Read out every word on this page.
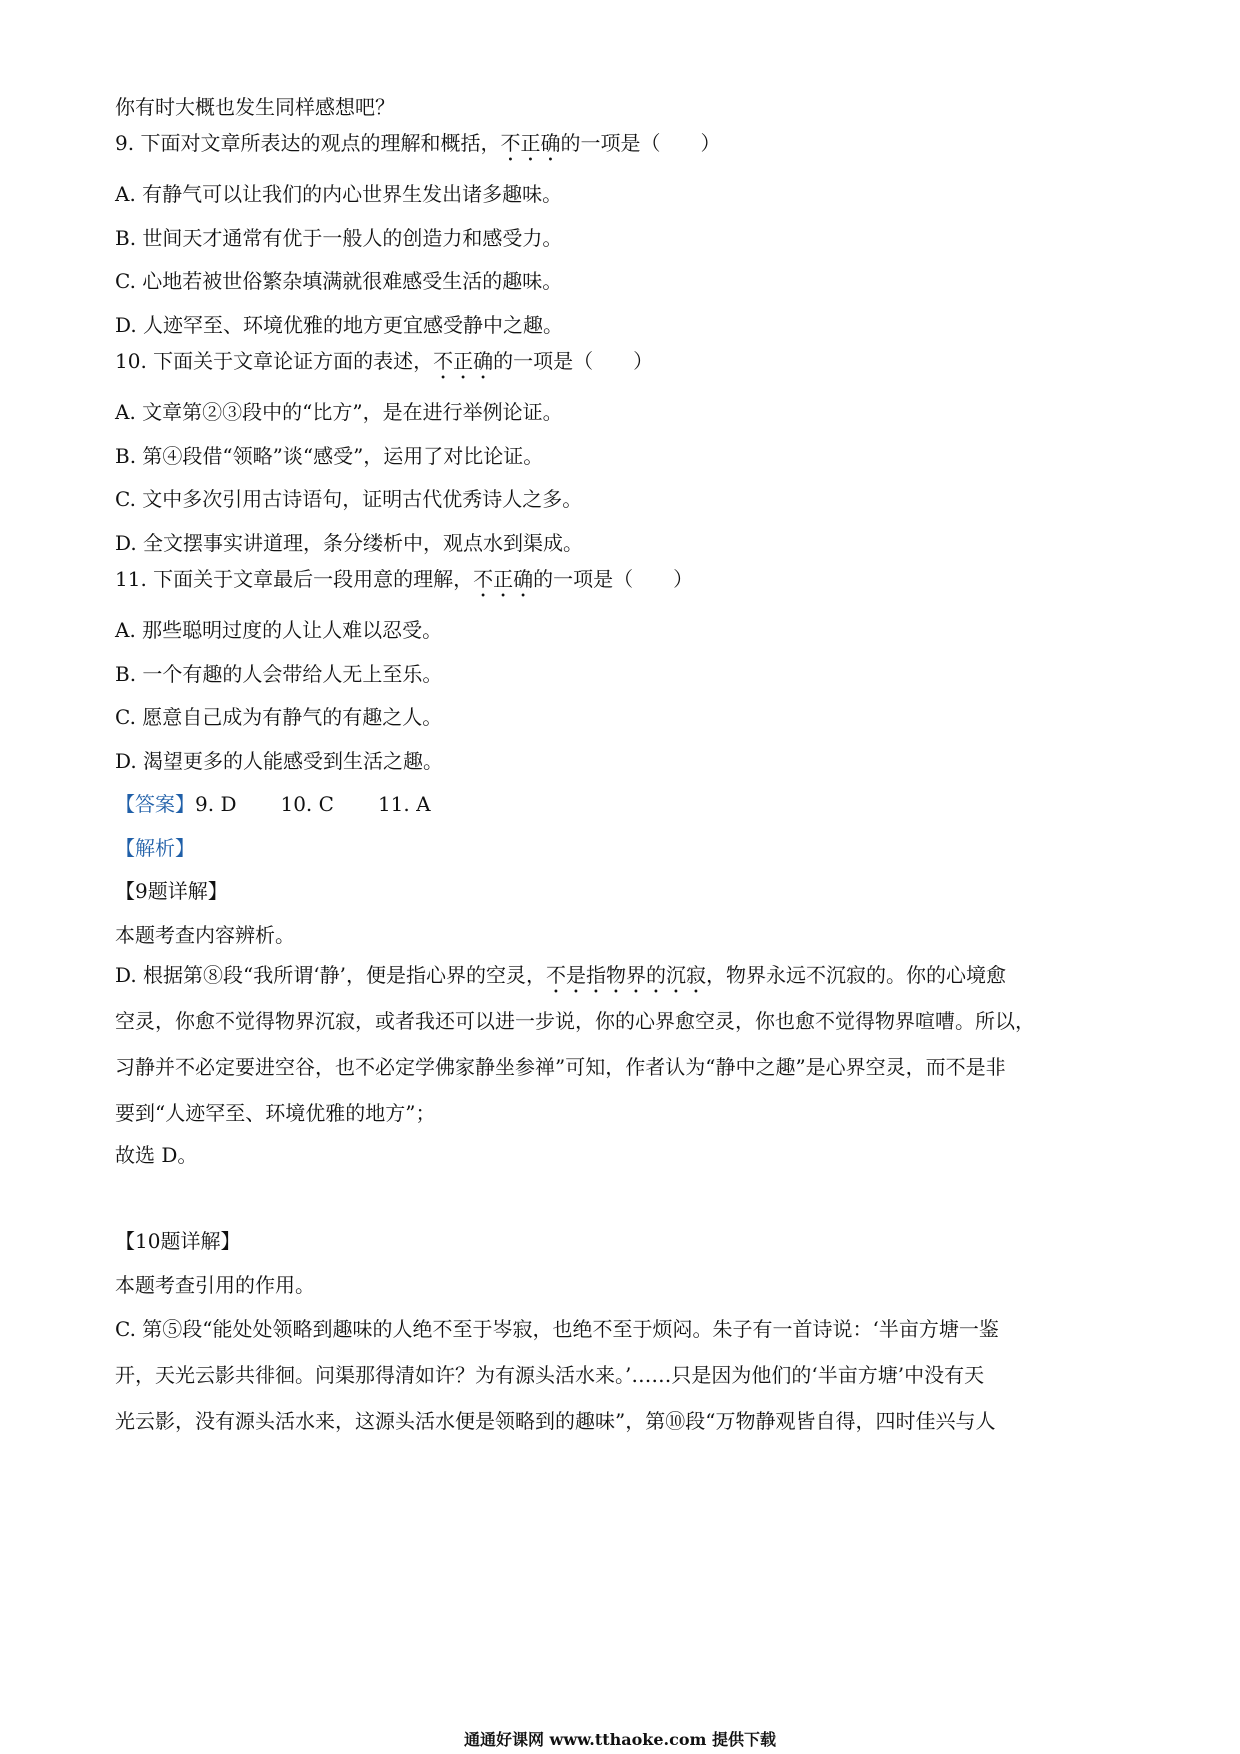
你有时大概也发生同样感想吧？
9. 下面对文章所表达的观点的理解和概括，不正确的一项是（　　）
A. 有静气可以让我们的内心世界生发出诸多趣味。
B. 世间天才通常有优于一般人的创造力和感受力。
C. 心地若被世俗繁杂填满就很难感受生活的趣味。
D. 人迹罕至、环境优雅的地方更宜感受静中之趣。
10. 下面关于文章论证方面的表述，不正确的一项是（　　）
A. 文章第②③段中的“比方”，是在进行举例论证。
B. 第④段借“领略”谈“感受”，运用了对比论证。
C. 文中多次引用古诗语句，证明古代优秀诗人之多。
D. 全文摆事实讲道理，条分缕析中，观点水到渠成。
11. 下面关于文章最后一段用意的理解，不正确的一项是（　　）
A. 那些聪明过度的人让人难以忍受。
B. 一个有趣的人会带给人无上至乐。
C. 愿意自己成为有静气的有趣之人。
D. 渴望更多的人能感受到生活之趣。
【答案】9. D 10. C 11. A
【解析】
【9题详解】
本题考查内容辨析。
D. 根据第⑧段“我所谓‘静’，便是指心界的空灵，不是指物界的沉寂，物界永远不沉寂的。你的心境愈
空灵，你愈不觉得物界沉寂，或者我还可以进一步说，你的心界愈空灵，你也愈不觉得物界喧嘈。所以，
习静并不必定要进空谷，也不必定学佛家静坐参禅”可知，作者认为“静中之趣”是心界空灵，而不是非
要到“人迹罕至、环境优雅的地方”；
故选 D。
【10题详解】
本题考查引用的作用。
C. 第⑤段“能处处领略到趣味的人绝不至于岑寂，也绝不至于烦闷。朱子有一首诗说：‘半亩方塘一鉴
开，天光云影共徘徊。问渠那得清如许？为有源头活水来。’……只是因为他们的‘半亩方塘’中没有天
光云影，没有源头活水来，这源头活水便是领略到的趣味”，第⑩段“万物静观皆自得，四时佳兴与人
通通好课网 www.tthaoke.com 提供下载
